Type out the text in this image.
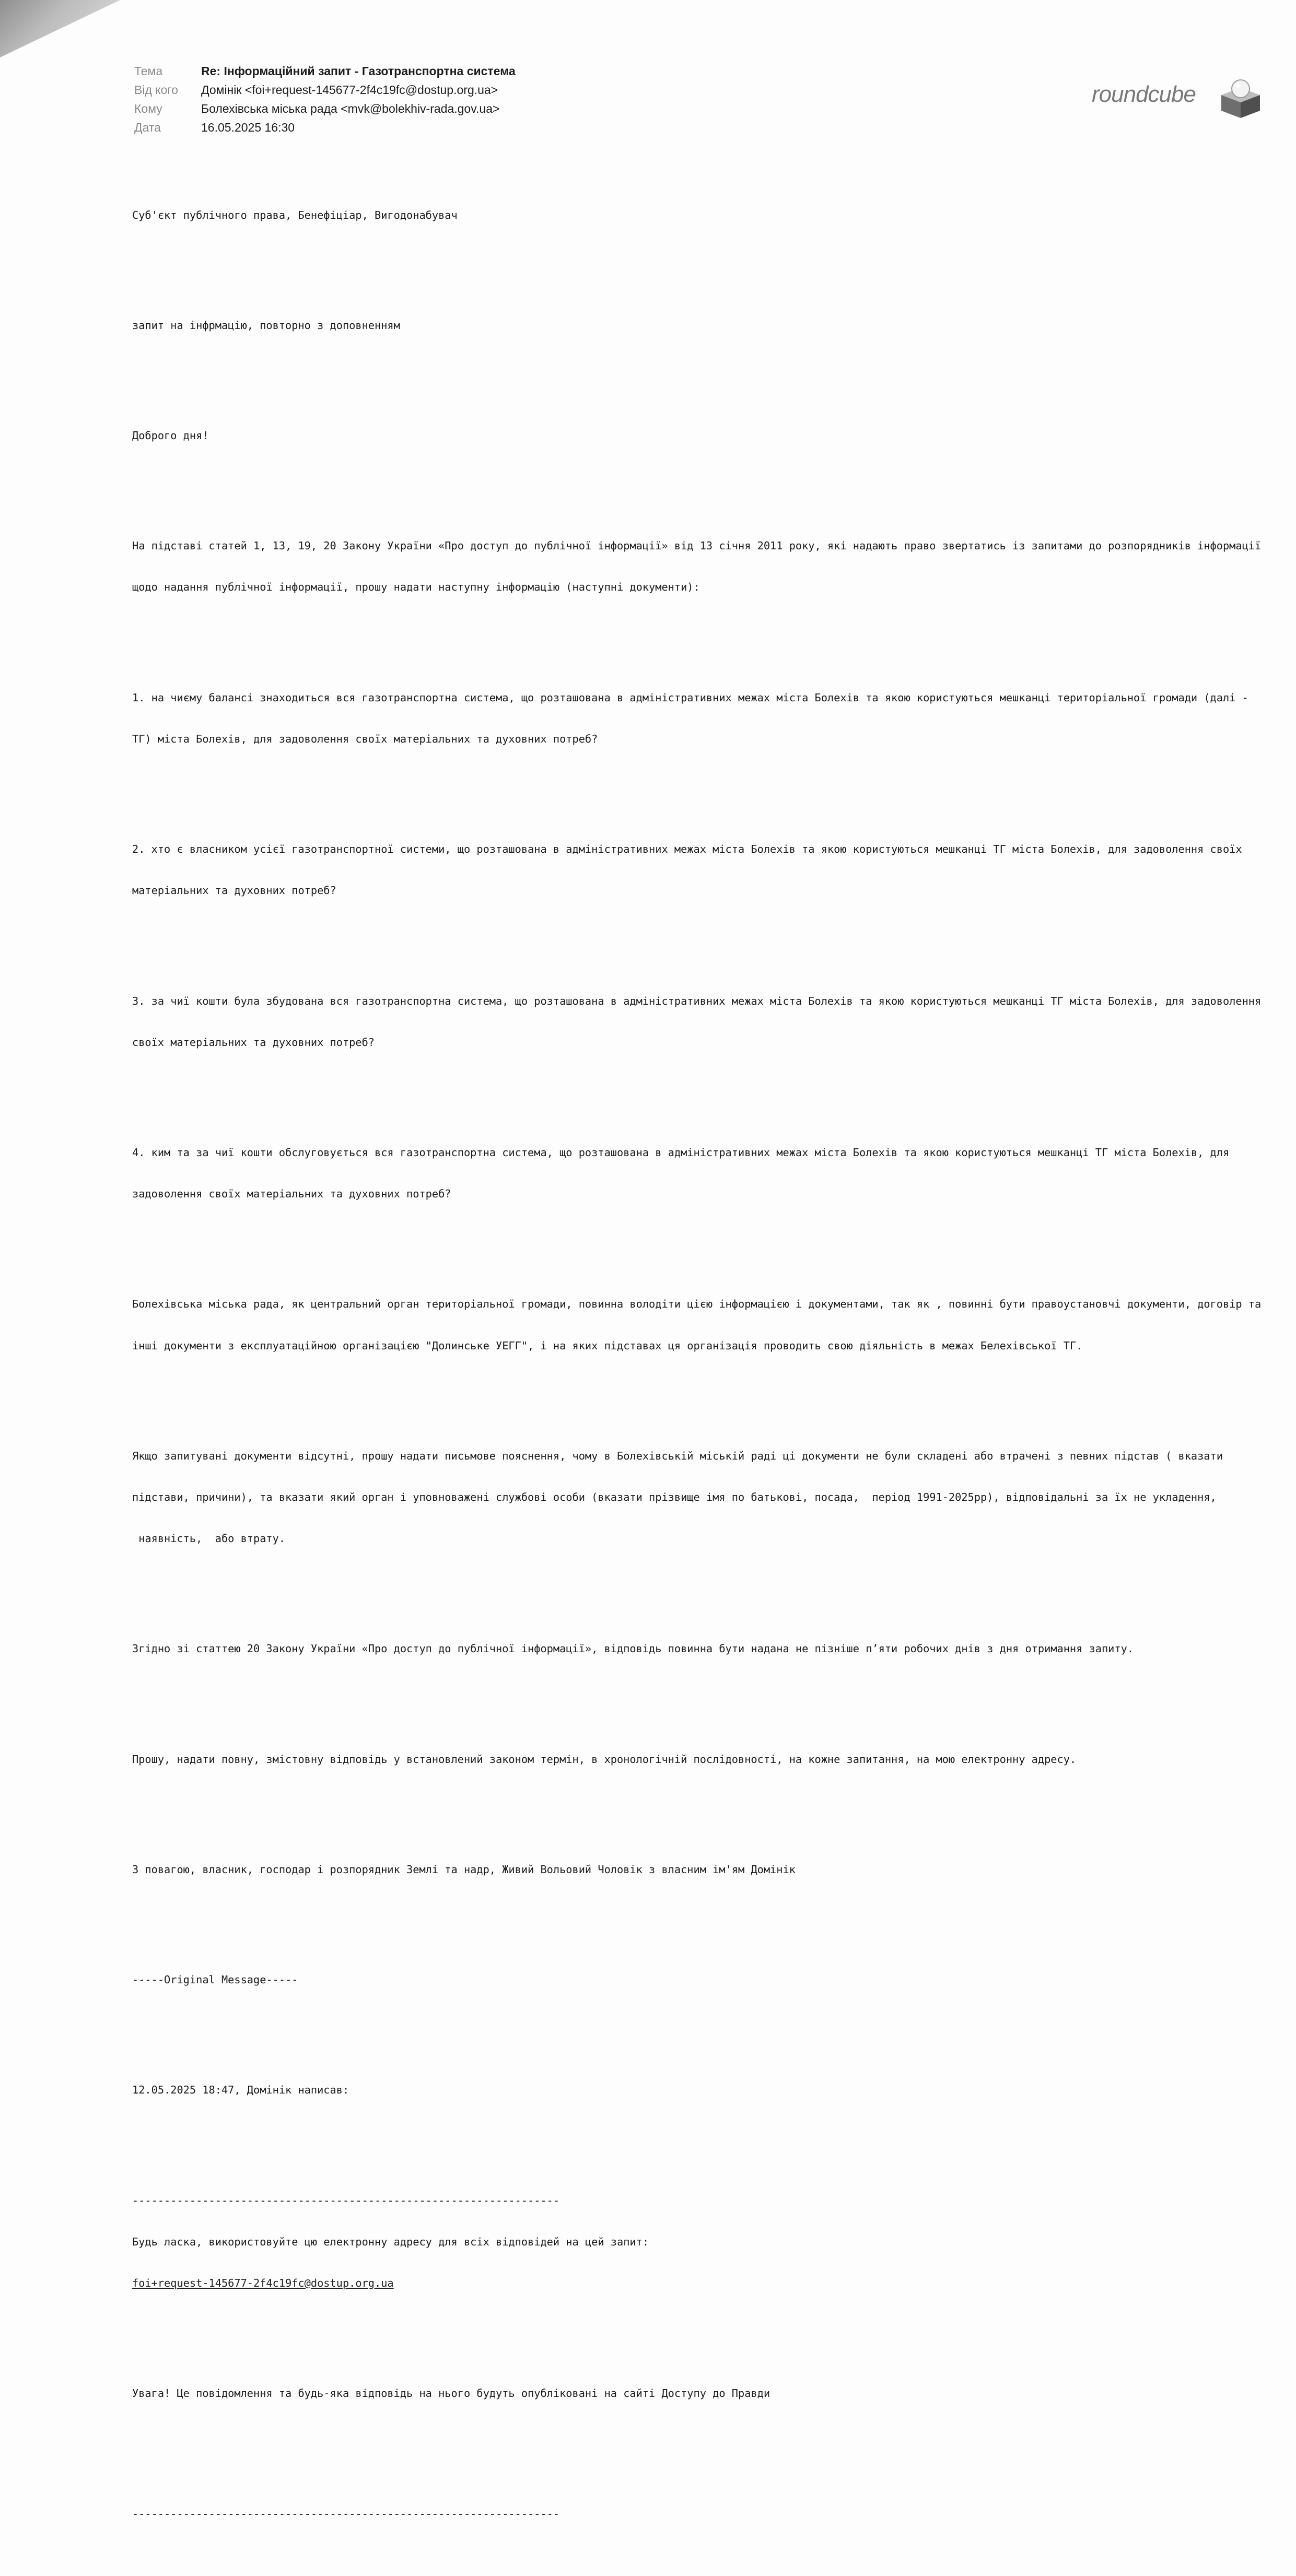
Тема	Re: Інформаційний запит - Газотранспортна система
Від кого	Домінік <foi+request-145677-2f4c19fc@dostup.org.ua>
Кому	Болехівська міська рада <mvk@bolekhiv-rada.gov.ua>
Дата	16.05.2025 16:30
roundcube

Суб'єкт публічного права, Бенефіціар, Вигодонабувач

запит на інфрмацію, повторно з доповненням

Доброго дня!

На підставі статей 1, 13, 19, 20 Закону України «Про доступ до публічної інформації» від 13 січня 2011 року, які надають право звертатись із запитами до розпорядників інформації

щодо надання публічної інформації, прошу надати наступну інформацію (наступні документи):

1. на чиєму балансі знаходиться вся газотранспортна система, що розташована в адміністративних межах міста Болехів та якою користуються мешканці територіальної громади (далі -

ТГ) міста Болехів, для задоволення своїх матеріальних та духовних потреб?

2. хто є власником усієї газотранспортної системи, що розташована в адміністративних межах міста Болехів та якою користуються мешканці ТГ міста Болехів, для задоволення своїх

матеріальних та духовних потреб?

3. за чиї кошти була збудована вся газотранспортна система, що розташована в адміністративних межах міста Болехів та якою користуються мешканці ТГ міста Болехів, для задоволення

своїх матеріальних та духовних потреб?

4. ким та за чиї кошти обслуговується вся газотранспортна система, що розташована в адміністративних межах міста Болехів та якою користуються мешканці ТГ міста Болехів, для

задоволення своїх матеріальних та духовних потреб?

Болехівська міська рада, як центральний орган територіальної громади, повинна володіти цією інформацією і документами, так як , повинні бути правоустановчі документи, договір та

інші документи з експлуатаційною організацією "Долинське УЕГГ", і на яких підставах ця організація проводить свою діяльність в межах Белехівської ТГ.

Якщо запитувані документи відсутні, прошу надати письмове пояснення, чому в Болехівській міській раді ці документи не були складені або втрачені з певних підстав ( вказати

підстави, причини), та вказати який орган і уповноважені службові особи (вказати прізвище імя по батькові, посада,  період 1991-2025рр), відповідальні за їх не укладення,

наявність,  або втрату.

Згідно зі статтею 20 Закону України «Про доступ до публічної інформації», відповідь повинна бути надана не пізніше п’яти робочих днів з дня отримання запиту.

Прошу, надати повну, змістовну відповідь у встановлений законом термін, в хронологічній послідовності, на кожне запитання, на мою електронну адресу.

З повагою, власник, господар і розпорядник Землі та надр, Живий Вольовий Чоловік з власним ім'ям Домінік

-----Original Message-----

12.05.2025 18:47, Домінік написав:

-------------------------------------------------------------------

Будь ласка, використовуйте цю електронну адресу для всіх відповідей на цей запит:

foi+request-145677-2f4c19fc@dostup.org.ua

Увага! Це повідомлення та будь-яка відповідь на нього будуть опубліковані на сайті Доступу до Правди

-------------------------------------------------------------------
